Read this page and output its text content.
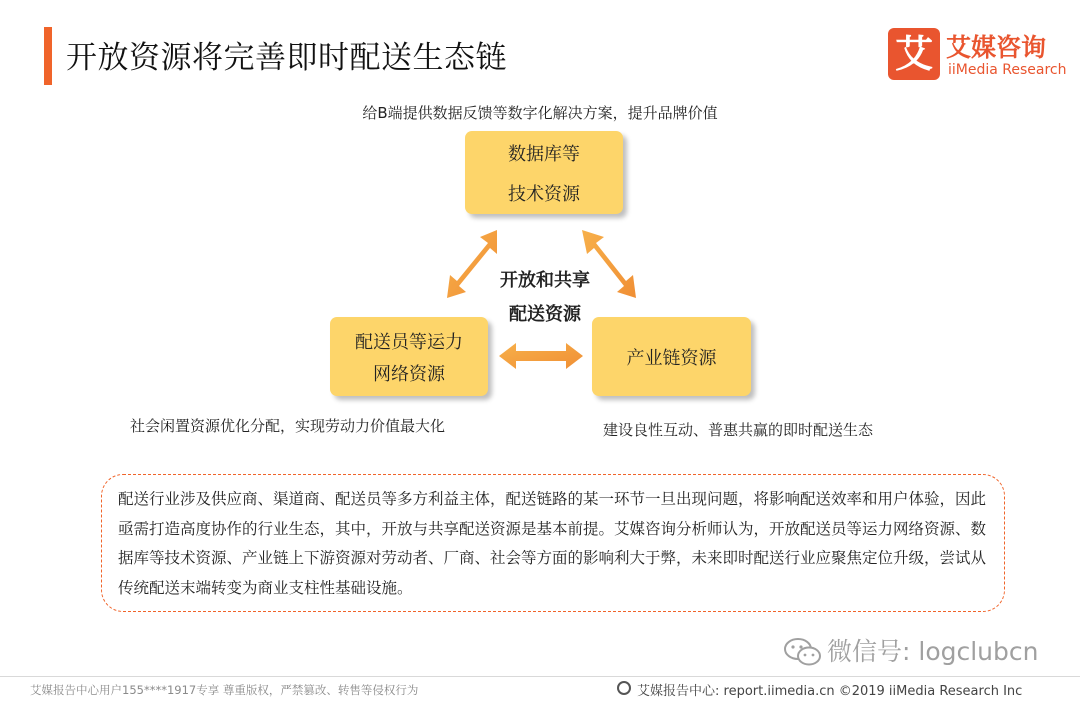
开放资源将完善即时配送生态链	艾 艾媒咨询
iiMedia Research
给B端提供数据反馈等数字化解决方案，提升品牌价值
数据库等
技术资源
开放和共享
配送资源
配送员等运力
网络资源
产业链资源
社会闲置资源优化分配，实现劳动力价值最大化	建设良性互动、普惠共赢的即时配送生态
配送行业涉及供应商、渠道商、配送员等多方利益主体，配送链路的某一环节一旦出现问题，将影响配送效率和用户体验，因此亟需打造高度协作的行业生态，其中，开放与共享配送资源是基本前提。艾媒咨询分析师认为，开放配送员等运力网络资源、数据库等技术资源、产业链上下游资源对劳动者、厂商、社会等方面的影响利大于弊，未来即时配送行业应聚焦定位升级，尝试从传统配送末端转变为商业支柱性基础设施。
微信号: logclubcn
艾媒报告中心用户155****1917专享 尊重版权，严禁篡改、转售等侵权行为	艾媒报告中心: report.iimedia.cn ©2019 iiMedia Research Inc
